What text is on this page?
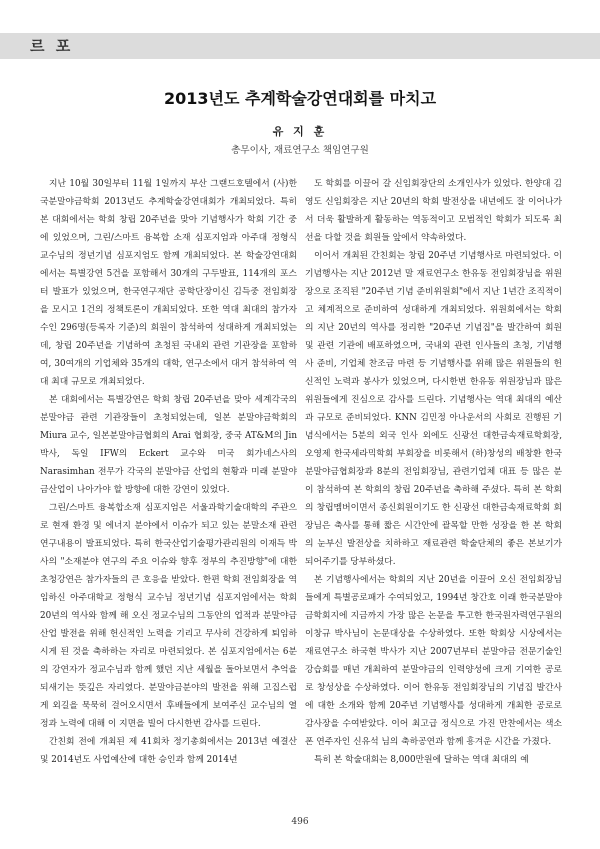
르 포
2013년도 추계학술강연대회를 마치고
유 지 훈
총무이사, 재료연구소 책임연구원

지난 10월 30일부터 11월 1일까지 부산 그랜드호텔에서 (사)한국분말야금학회 2013년도 추계학술강연대회가 개최되었다. 특히 본 대회에서는 학회 창립 20주년을 맞아 기념행사가 학회 기간 중에 있었으며, 그린/스마트 융복합 소재 심포지엄과 아주대 정형식 교수님의 정년기념 심포지엄도 함께 개최되었다. 본 학술강연대회에서는 특별강연 5건을 포함해서 30개의 구두발표, 114개의 포스터 발표가 있었으며, 한국연구재단 공학단장이신 김득중 전임회장을 모시고 1건의 정책토론이 개최되었다. 또한 역대 최대의 참가자 수인 296명(등록자 기준)의 회원이 참석하여 성대하게 개최되었는데, 창립 20주년을 기념하여 초청된 국내외 관련 기관장을 포함하여, 30여개의 기업체와 35개의 대학, 연구소에서 대거 참석하여 역대 최대 규모로 개최되었다.

본 대회에서는 특별강연은 학회 창립 20주년을 맞아 세계각국의 분말야금 관련 기관장들이 초청되었는데, 일본 분말야금학회의 Miura 교수, 일본분말야금협회의 Arai 협회장, 중국 AT&M의 Jin 박사, 독일 IFW의 Eckert 교수와 미국 회가네스사의 Narasimhan 전무가 각국의 분말야금 산업의 현황과 미래 분말야금산업이 나아가야 할 방향에 대한 강연이 있었다.

그린/스마트 융복합소재 심포지엄은 서울과학기술대학의 주관으로 현재 환경 및 에너지 분야에서 이슈가 되고 있는 분말소재 관련 연구내용이 발표되었다. 특히 한국산업기술평가관리원의 이재득 박사의 "소재분야 연구의 주요 이슈와 향후 정부의 추진방향"에 대한 초청강연은 참가자들의 큰 호응을 받았다. 한편 학회 전임회장을 역임하신 아주대학교 정형식 교수님 정년기념 심포지엄에서는 학회 20년의 역사와 함께 해 오신 정교수님의 그동안의 업적과 분말야금 산업 발전을 위해 헌신적인 노력을 기리고 무사히 건강하게 퇴임하시게 된 것을 축하하는 자리로 마련되었다. 본 심포지엄에서는 6분의 강연자가 정교수님과 함께 했던 지난 세월을 돌아보면서 추억을 되새기는 뜻깊은 자리였다. 분말야금분야의 발전을 위해 고집스럽게 외길을 묵묵히 걸어오시면서 후배들에게 보여주신 교수님의 열정과 노력에 대해 이 지면을 빌어 다시한번 감사를 드린다.

간친회 전에 개최된 제 41회차 정기총회에서는 2013년 예결산 및 2014년도 사업예산에 대한 승인과 함께 2014년

도 학회를 이끌어 갈 신임회장단의 소개인사가 있었다. 한양대 김영도 신임회장은 지난 20년의 학회 발전상을 내년에도 잘 이어나가서 더욱 활발하게 활동하는 역동적이고 모범적인 학회가 되도록 최선을 다할 것을 회원들 앞에서 약속하였다.

이어서 개최된 간친회는 창립 20주년 기념행사로 마련되었다. 이 기념행사는 지난 2012년 말 재료연구소 한유동 전임회장님을 위원장으로 조직된 "20주년 기념 준비위원회"에서 지난 1년간 조직적이고 체계적으로 준비하여 성대하게 개최되었다. 위원회에서는 학회의 지난 20년의 역사를 정리한 "20주년 기념집"을 발간하여 회원 및 관련 기관에 배포하였으며, 국내외 관련 인사들의 초청, 기념행사 준비, 기업체 찬조금 마련 등 기념행사를 위해 많은 위원들의 헌신적인 노력과 봉사가 있었으며, 다시한번 한유동 위원장님과 많은 위원들에게 진심으로 감사를 드린다. 기념행사는 역대 최대의 예산과 규모로 준비되었다. KNN 김민정 아나운서의 사회로 진행된 기념식에서는 5분의 외국 인사 외에도 신광선 대한금속재료학회장, 오영제 한국세라믹학회 부회장을 비롯해서 (하)창성의 배창환 한국분말야금협회장과 8분의 전임회장님, 관련기업체 대표 등 많은 분이 참석하여 본 학회의 창립 20주년을 축하해 주셨다. 특히 본 학회의 창립멤버이면서 종신회원이기도 한 신광선 대한금속재료학회 회장님은 축사를 통해 짧은 시간안에 괄목할 만한 성장을 한 본 학회의 눈부신 발전상을 치하하고 재료관련 학술단체의 좋은 본보기가 되어주기를 당부하셨다.

본 기념행사에서는 학회의 지난 20년을 이끌어 오신 전임회장님들에게 특별공로패가 수여되었고, 1994년 창간호 이래 한국분말야금학회지에 지금까지 가장 많은 논문을 투고한 한국원자력연구원의 이창규 박사님이 논문대상을 수상하였다. 또한 학회상 시상에서는 재료연구소 하국현 박사가 지난 2007년부터 분말야금 전문기술인 강습회를 매년 개최하여 분말야금의 인력양성에 크게 기여한 공로로 창성상을 수상하였다. 이어 한유동 전임회장님의 기념집 발간사에 대한 소개와 함께 20주년 기념행사를 성대하게 개최한 공로로 감사장을 수여받았다. 이어 최고급 정식으로 가진 만찬에서는 색소폰 연주자인 신유석 님의 축하공연과 함께 흥겨운 시간을 가졌다.

특히 본 학술대회는 8,000만원에 달하는 역대 최대의 예

496
